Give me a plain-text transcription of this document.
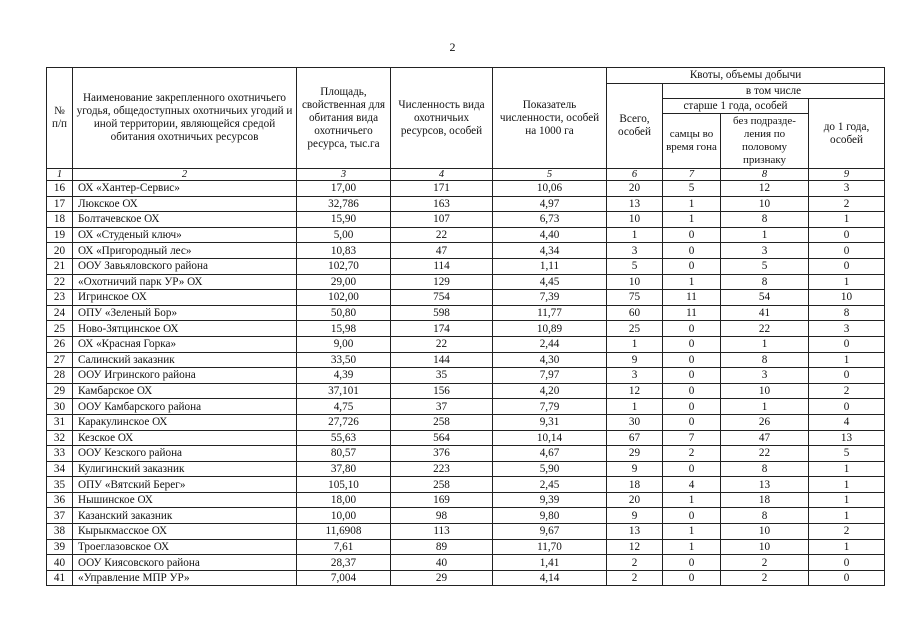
2
№ п/п	Наименование закрепленного охотничьего угодья, общедоступных охотничьих угодий и иной территории, являющейся средой обитания охотничьих ресурсов	Площадь, свойственная для обитания вида охотничьего ресурса, тыс.га	Численность вида охотничьих ресурсов, особей	Показатель численности, особей на 1000 га	Квоты, объемы добычи			
					Всего, особей	в том числе		
						старше 1 года, особей		до 1 года, особей
						самцы во время гона	без подразде-ления по половому признаку	
1	2	3	4	5	6	7	8	9
16	ОХ «Хантер-Сервис»	17,00	171	10,06	20	5	12	3
17	Люкское ОХ	32,786	163	4,97	13	1	10	2
18	Болтачевское ОХ	15,90	107	6,73	10	1	8	1
19	ОХ «Студеный ключ»	5,00	22	4,40	1	0	1	0
20	ОХ «Пригородный лес»	10,83	47	4,34	3	0	3	0
21	ООУ Завьяловского района	102,70	114	1,11	5	0	5	0
22	«Охотничий парк УР» ОХ	29,00	129	4,45	10	1	8	1
23	Игринское ОХ	102,00	754	7,39	75	11	54	10
24	ОПУ «Зеленый Бор»	50,80	598	11,77	60	11	41	8
25	Ново-Зятцинское ОХ	15,98	174	10,89	25	0	22	3
26	ОХ «Красная Горка»	9,00	22	2,44	1	0	1	0
27	Салинский заказник	33,50	144	4,30	9	0	8	1
28	ООУ Игринского района	4,39	35	7,97	3	0	3	0
29	Камбарское ОХ	37,101	156	4,20	12	0	10	2
30	ООУ Камбарского района	4,75	37	7,79	1	0	1	0
31	Каракулинское ОХ	27,726	258	9,31	30	0	26	4
32	Кезское ОХ	55,63	564	10,14	67	7	47	13
33	ООУ Кезского района	80,57	376	4,67	29	2	22	5
34	Кулигинский заказник	37,80	223	5,90	9	0	8	1
35	ОПУ «Вятский Берег»	105,10	258	2,45	18	4	13	1
36	Нышинское ОХ	18,00	169	9,39	20	1	18	1
37	Казанский заказник	10,00	98	9,80	9	0	8	1
38	Кырыкмасское ОХ	11,6908	113	9,67	13	1	10	2
39	Троеглазовское ОХ	7,61	89	11,70	12	1	10	1
40	ООУ Киясовского района	28,37	40	1,41	2	0	2	0
41	«Управление МПР УР»	7,004	29	4,14	2	0	2	0
